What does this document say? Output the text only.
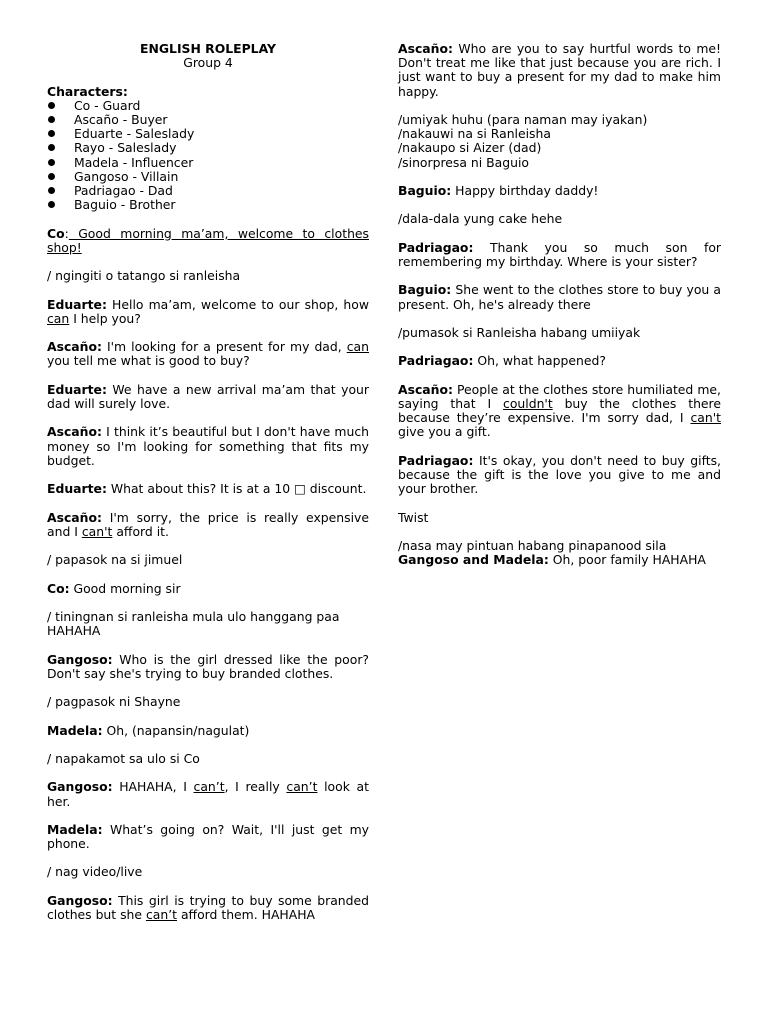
ENGLISH ROLEPLAY

Group 4

Characters:

Co - Guard
Ascaño - Buyer
Eduarte - Saleslady
Rayo - Saleslady
Madela - Influencer
Gangoso - Villain
Padriagao - Dad
Baguio - Brother

Co: Good morning ma’am, welcome to clothes shop!

/ ngingiti o tatango si ranleisha

Eduarte: Hello ma’am, welcome to our shop, how can I help you?

Ascaño: I'm looking for a present for my dad, can you tell me what is good to buy?

Eduarte: We have a new arrival ma’am that your dad will surely love.

Ascaño: I think it’s beautiful but I don't have much money so I'm looking for something that fits my budget.

Eduarte: What about this? It is at a 10 □ discount.

Ascaño: I'm sorry, the price is really expensive and I can't afford it.

/ papasok na si jimuel

Co: Good morning sir

/ tiningnan si ranleisha mula ulo hanggang paa HAHAHA

Gangoso: Who is the girl dressed like the poor? Don't say she's trying to buy branded clothes.

/ pagpasok ni Shayne

Madela: Oh, (napansin/nagulat)

/ napakamot sa ulo si Co

Gangoso: HAHAHA, I can’t, I really can’t look at her.

Madela: What’s going on? Wait, I'll just get my phone.

/ nag video/live

Gangoso: This girl is trying to buy some branded clothes but she can’t afford them. HAHAHA

Ascaño: Who are you to say hurtful words to me! Don't treat me like that just because you are rich. I just want to buy a present for my dad to make him happy.

/umiyak huhu (para naman may iyakan)
/nakauwi na si Ranleisha
/nakaupo si Aizer (dad)
/sinorpresa ni Baguio

Baguio: Happy birthday daddy!

/dala-dala yung cake hehe

Padriagao: Thank you so much son for remembering my birthday. Where is your sister?

Baguio: She went to the clothes store to buy you a present. Oh, he's already there

/pumasok si Ranleisha habang umiiyak

Padriagao: Oh, what happened?

Ascaño: People at the clothes store humiliated me, saying that I couldn't buy the clothes there because they’re expensive. I'm sorry dad, I can't give you a gift.

Padriagao: It's okay, you don't need to buy gifts, because the gift is the love you give to me and your brother.

Twist

/nasa may pintuan habang pinapanood sila
Gangoso and Madela: Oh, poor family HAHAHA
